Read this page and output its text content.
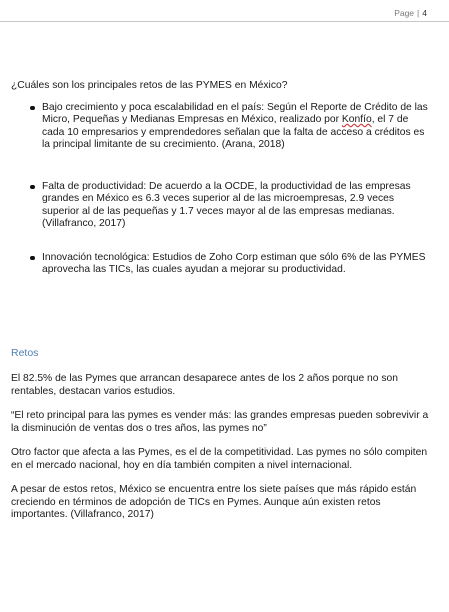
Page | 4

¿Cuáles son los principales retos de las PYMES en México?

Bajo crecimiento y poca escalabilidad en el país: Según el Reporte de Crédito de las Micro, Pequeñas y Medianas Empresas en México, realizado por Konfío, el 7 de cada 10 empresarios y emprendedores señalan que la falta de acceso a créditos es la principal limitante de su crecimiento. (Arana, 2018)
Falta de productividad: De acuerdo a la OCDE, la productividad de las empresas grandes en México es 6.3 veces superior al de las microempresas, 2.9 veces superior al de las pequeñas y 1.7 veces mayor al de las empresas medianas. (Villafranco, 2017)
Innovación tecnológica: Estudios de Zoho Corp estiman que sólo 6% de las PYMES aprovecha las TICs, las cuales ayudan a mejorar su productividad.
Retos

El 82.5% de las Pymes que arrancan desaparece antes de los 2 años porque no son rentables, destacan varios estudios.

“El reto principal para las pymes es vender más: las grandes empresas pueden sobrevivir a la disminución de ventas dos o tres años, las pymes no”

Otro factor que afecta a las Pymes, es el de la competitividad. Las pymes no sólo compiten en el mercado nacional, hoy en día también compiten a nivel internacional.

A pesar de estos retos, México se encuentra entre los siete países que más rápido están creciendo en términos de adopción de TICs en Pymes. Aunque aún existen retos importantes. (Villafranco, 2017)
